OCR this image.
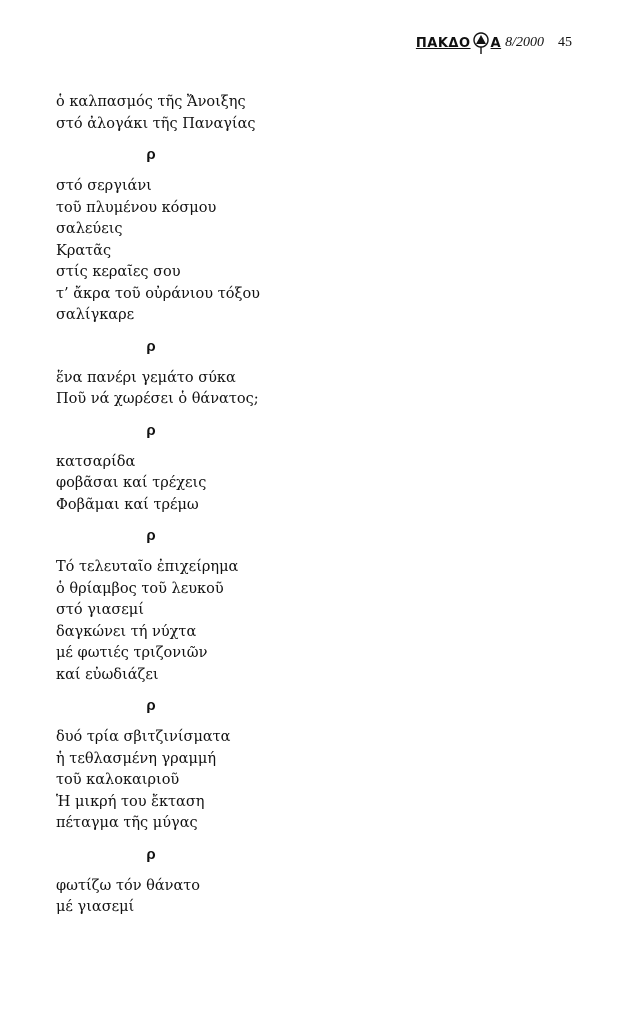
ΠΑΚΔΟ Α 8/2000 45
ὁ καλπασμός τῆς Ἄνοιξης
στό ἀλογάκι τῆς Παναγίας
ρ
στό σεργιάνι
τοῦ πλυμένου κόσμου
σαλεύεις
Κρατᾶς
στίς κεραῖες σου
τ’ ἄκρα τοῦ οὐράνιου τόξου
σαλίγκαρε
ρ
ἕνα πανέρι γεμάτο σύκα
Ποῦ νά χωρέσει ὁ θάνατος;
ρ
κατσαρίδα
φοβᾶσαι καί τρέχεις
Φοβᾶμαι καί τρέμω
ρ
Τό τελευταῖο ἐπιχείρημα
ὁ θρίαμβος τοῦ λευκοῦ
στό γιασεμί
δαγκώνει τή νύχτα
μέ φωτιές τριζονιῶν
καί εὐωδιάζει
ρ
δυό τρία σβιτζινίσματα
ἡ τεθλασμένη γραμμή
τοῦ καλοκαιριοῦ
Ἡ μικρή του ἔκταση
πέταγμα τῆς μύγας
ρ
φωτίζω τόν θάνατο
μέ γιασεμί
